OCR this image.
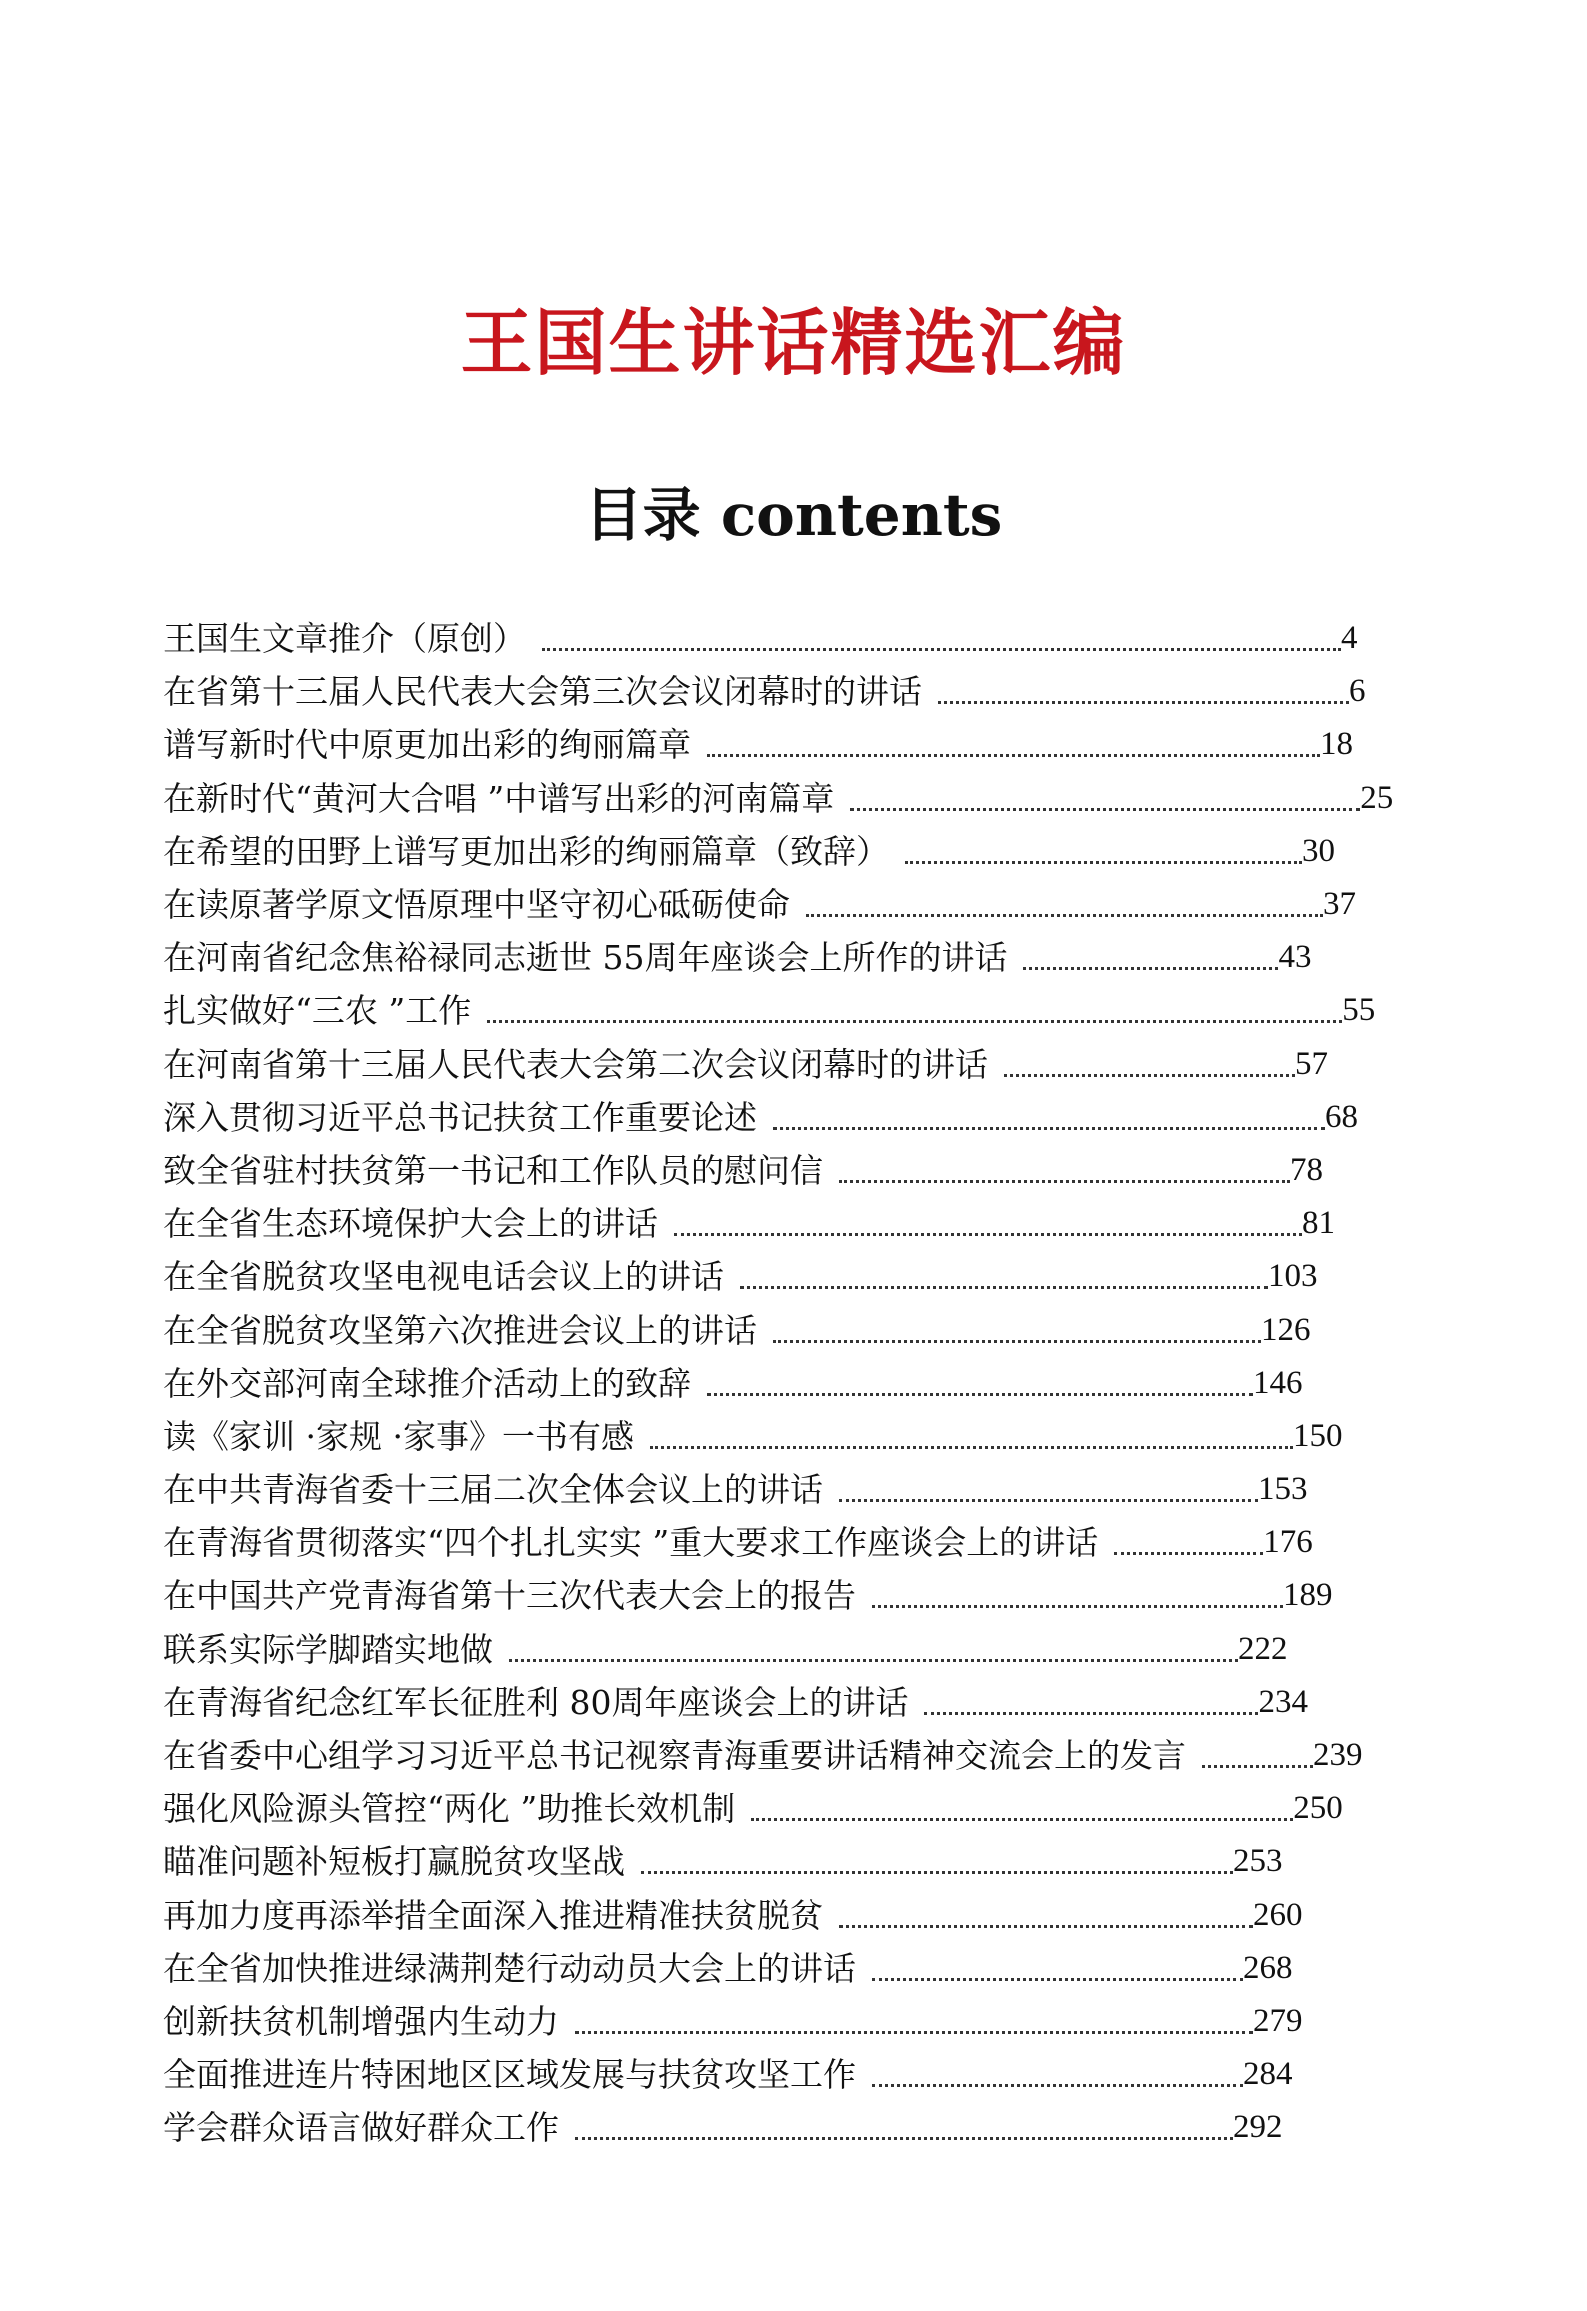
王国生讲话精选汇编
目录 contents
王国生文章推介（原创）	4
在省第十三届人民代表大会第三次会议闭幕时的讲话	6
谱写新时代中原更加出彩的绚丽篇章	18
在新时代“黄河大合唱 ”中谱写出彩的河南篇章	25
在希望的田野上谱写更加出彩的绚丽篇章（致辞）	30
在读原著学原文悟原理中坚守初心砥砺使命	37
在河南省纪念焦裕禄同志逝世 55周年座谈会上所作的讲话	43
扎实做好“三农 ”工作	55
在河南省第十三届人民代表大会第二次会议闭幕时的讲话	57
深入贯彻习近平总书记扶贫工作重要论述	68
致全省驻村扶贫第一书记和工作队员的慰问信	78
在全省生态环境保护大会上的讲话	81
在全省脱贫攻坚电视电话会议上的讲话	103
在全省脱贫攻坚第六次推进会议上的讲话	126
在外交部河南全球推介活动上的致辞	146
读《家训 ·家规 ·家事》一书有感	150
在中共青海省委十三届二次全体会议上的讲话	153
在青海省贯彻落实“四个扎扎实实 ”重大要求工作座谈会上的讲话	176
在中国共产党青海省第十三次代表大会上的报告	189
联系实际学脚踏实地做	222
在青海省纪念红军长征胜利 80周年座谈会上的讲话	234
在省委中心组学习习近平总书记视察青海重要讲话精神交流会上的发言	239
强化风险源头管控“两化 ”助推长效机制	250
瞄准问题补短板打赢脱贫攻坚战	253
再加力度再添举措全面深入推进精准扶贫脱贫	260
在全省加快推进绿满荆楚行动动员大会上的讲话	268
创新扶贫机制增强内生动力	279
全面推进连片特困地区区域发展与扶贫攻坚工作	284
学会群众语言做好群众工作	292
